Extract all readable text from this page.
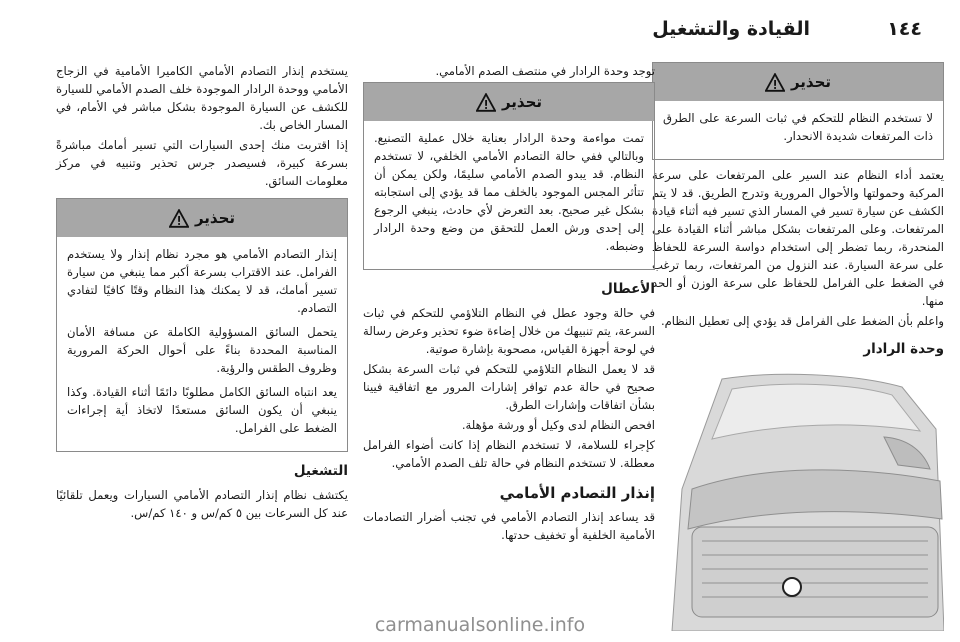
١٤٤
القيادة والتشغيل
تحذير

لا تستخدم النظام للتحكم في ثبات السرعة على الطرق ذات المرتفعات شديدة الانحدار.

يعتمد أداء النظام عند السير على المرتفعات على سرعة المركبة وحمولتها والأحوال المرورية وتدرج الطريق. قد لا يتم الكشف عن سيارة تسير في المسار الذي تسير فيه أثناء قيادة المرتفعات. وعلى المرتفعات بشكل مباشر أثناء القيادة على المنحدرة، ربما تضطر إلى استخدام دواسة السرعة للحفاظ على سرعة السيارة. عند النزول من المرتفعات، ربما ترغب في الضغط على الفرامل للحفاظ على سرعة الوزن أو الحد منها.

واعلم بأن الضغط على الفرامل قد يؤدي إلى تعطيل النظام.

وحدة الرادار

توجد وحدة الرادار في منتصف الصدم الأمامي.

تحذير

تمت مواءمة وحدة الرادار بعناية خلال عملية التصنيع. وبالتالي ففي حالة التصادم الأمامي الخلفي، لا تستخدم النظام. قد يبدو الصدم الأمامي سليمًا، ولكن يمكن أن تتأثر المجس الموجود بالخلف مما قد يؤدي إلى استجابته بشكل غير صحيح. بعد التعرض لأي حادث، ينبغي الرجوع إلى إحدى ورش العمل للتحقق من وضع وحدة الرادار وضبطه.

الأعطال

في حالة وجود عطل في النظام التلاؤمي للتحكم في ثبات السرعة، يتم تنبيهك من خلال إضاءة ضوء تحذير وعرض رسالة في لوحة أجهزة القياس، مصحوبة بإشارة صوتية.

قد لا يعمل النظام التلاؤمي للتحكم في ثبات السرعة بشكل صحيح في حالة عدم توافر إشارات المرور مع اتفاقية فيينا بشأن اتفاقات وإشارات الطرق.

افحص النظام لدى وكيل أو ورشة مؤهلة.

كإجراء للسلامة، لا تستخدم النظام إذا كانت أضواء الفرامل معطلة. لا تستخدم النظام في حالة تلف الصدم الأمامي.

إنذار التصادم الأمامي

قد يساعد إنذار التصادم الأمامي في تجنب أضرار التصادمات الأمامية الخلفية أو تخفيف حدتها.

يستخدم إنذار التصادم الأمامي الكاميرا الأمامية في الزجاج الأمامي ووحدة الرادار الموجودة خلف الصدم الأمامي للسيارة للكشف عن السيارة الموجودة بشكل مباشر في الأمام، في المسار الخاص بك.

إذا اقتربت منك إحدى السيارات التي تسير أمامك مباشرةً بسرعة كبيرة، فسيصدر جرس تحذير وتنبيه في مركز معلومات السائق.

تحذير

إنذار التصادم الأمامي هو مجرد نظام إنذار ولا يستخدم الفرامل. عند الاقتراب بسرعة أكبر مما ينبغي من سيارة تسير أمامك، قد لا يمكنك هذا النظام وقتًا كافيًا لتفادي التصادم.

يتحمل السائق المسؤولية الكاملة عن مسافة الأمان المناسبة المحددة بناءً على أحوال الحركة المرورية وظروف الطقس والرؤية.

يعد انتباه السائق الكامل مطلوبًا دائمًا أثناء القيادة. وكذا ينبغي أن يكون السائق مستعدًا لاتخاذ أية إجراءات الضغط على الفرامل.

التشغيل

يكتشف نظام إنذار التصادم الأمامي السيارات ويعمل تلقائيًا عند كل السرعات بين ٥ كم/س و ١٤٠ كم/س.

carmanualsonline.info
